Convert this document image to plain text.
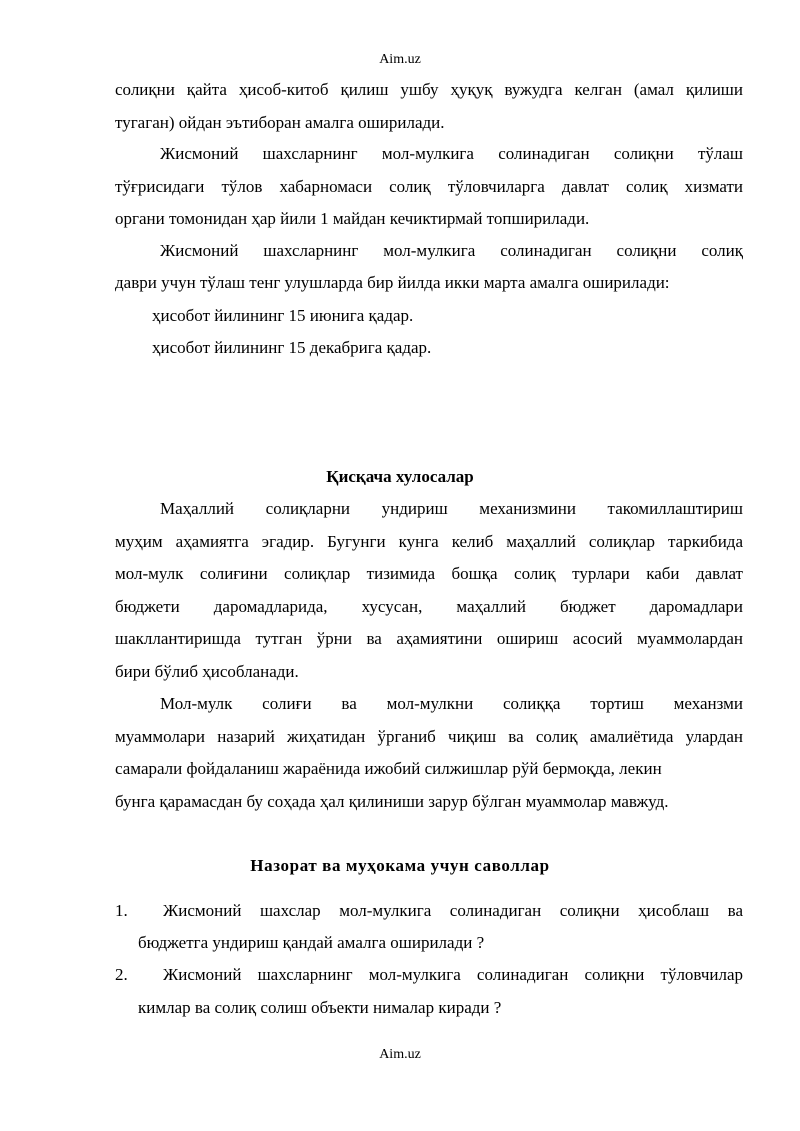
Aim.uz
солиқни қайта ҳисоб-китоб қилиш ушбу ҳуқуқ вужудга келган (амал қилиши
тугаган) ойдан эътиборан амалга оширилади.
Жисмоний шахсларнинг мол-мулкига солинадиган солиқни тўлаш
тўғрисидаги тўлов хабарномаси солиқ тўловчиларга давлат солиқ хизмати
органи томонидан ҳар йили 1 майдан кечиктирмай топширилади.
Жисмоний шахсларнинг мол-мулкига солинадиган солиқни солиқ
даври учун тўлаш тенг улушларда бир йилда икки марта амалга оширилади:
ҳисобот йилининг 15 июнига қадар.
ҳисобот йилининг 15 декабрига қадар.
Қисқача хулосалар
Маҳаллий солиқларни ундириш механизмини такомиллаштириш
муҳим аҳамиятга эгадир. Бугунги кунга келиб маҳаллий солиқлар таркибида
мол-мулк солиғини солиқлар тизимида бошқа солиқ турлари каби давлат
бюджети даромадларида, хусусан, маҳаллий бюджет даромадлари
шакллантиришда тутган ўрни ва аҳамиятини ошириш асосий муаммолардан
бири бўлиб ҳисобланади.
Мол-мулк солиғи ва мол-мулкни солиққа тортиш механзми
муаммолари назарий жиҳатидан ўрганиб чиқиш ва солиқ амалиётида улардан
самарали фойдаланиш жараёнида ижобий силжишлар рўй бермоқда, лекин
бунга қарамасдан бу соҳада ҳал қилиниши зарур бўлган муаммолар мавжуд.
Назорат ва муҳокама учун саволлар
1. Жисмоний шахслар мол-мулкига солинадиган солиқни ҳисоблаш ва
бюджетга ундириш қандай амалга оширилади ?
2. Жисмоний шахсларнинг мол-мулкига солинадиган солиқни тўловчилар
кимлар ва солиқ солиш объекти нималар киради ?
Aim.uz
